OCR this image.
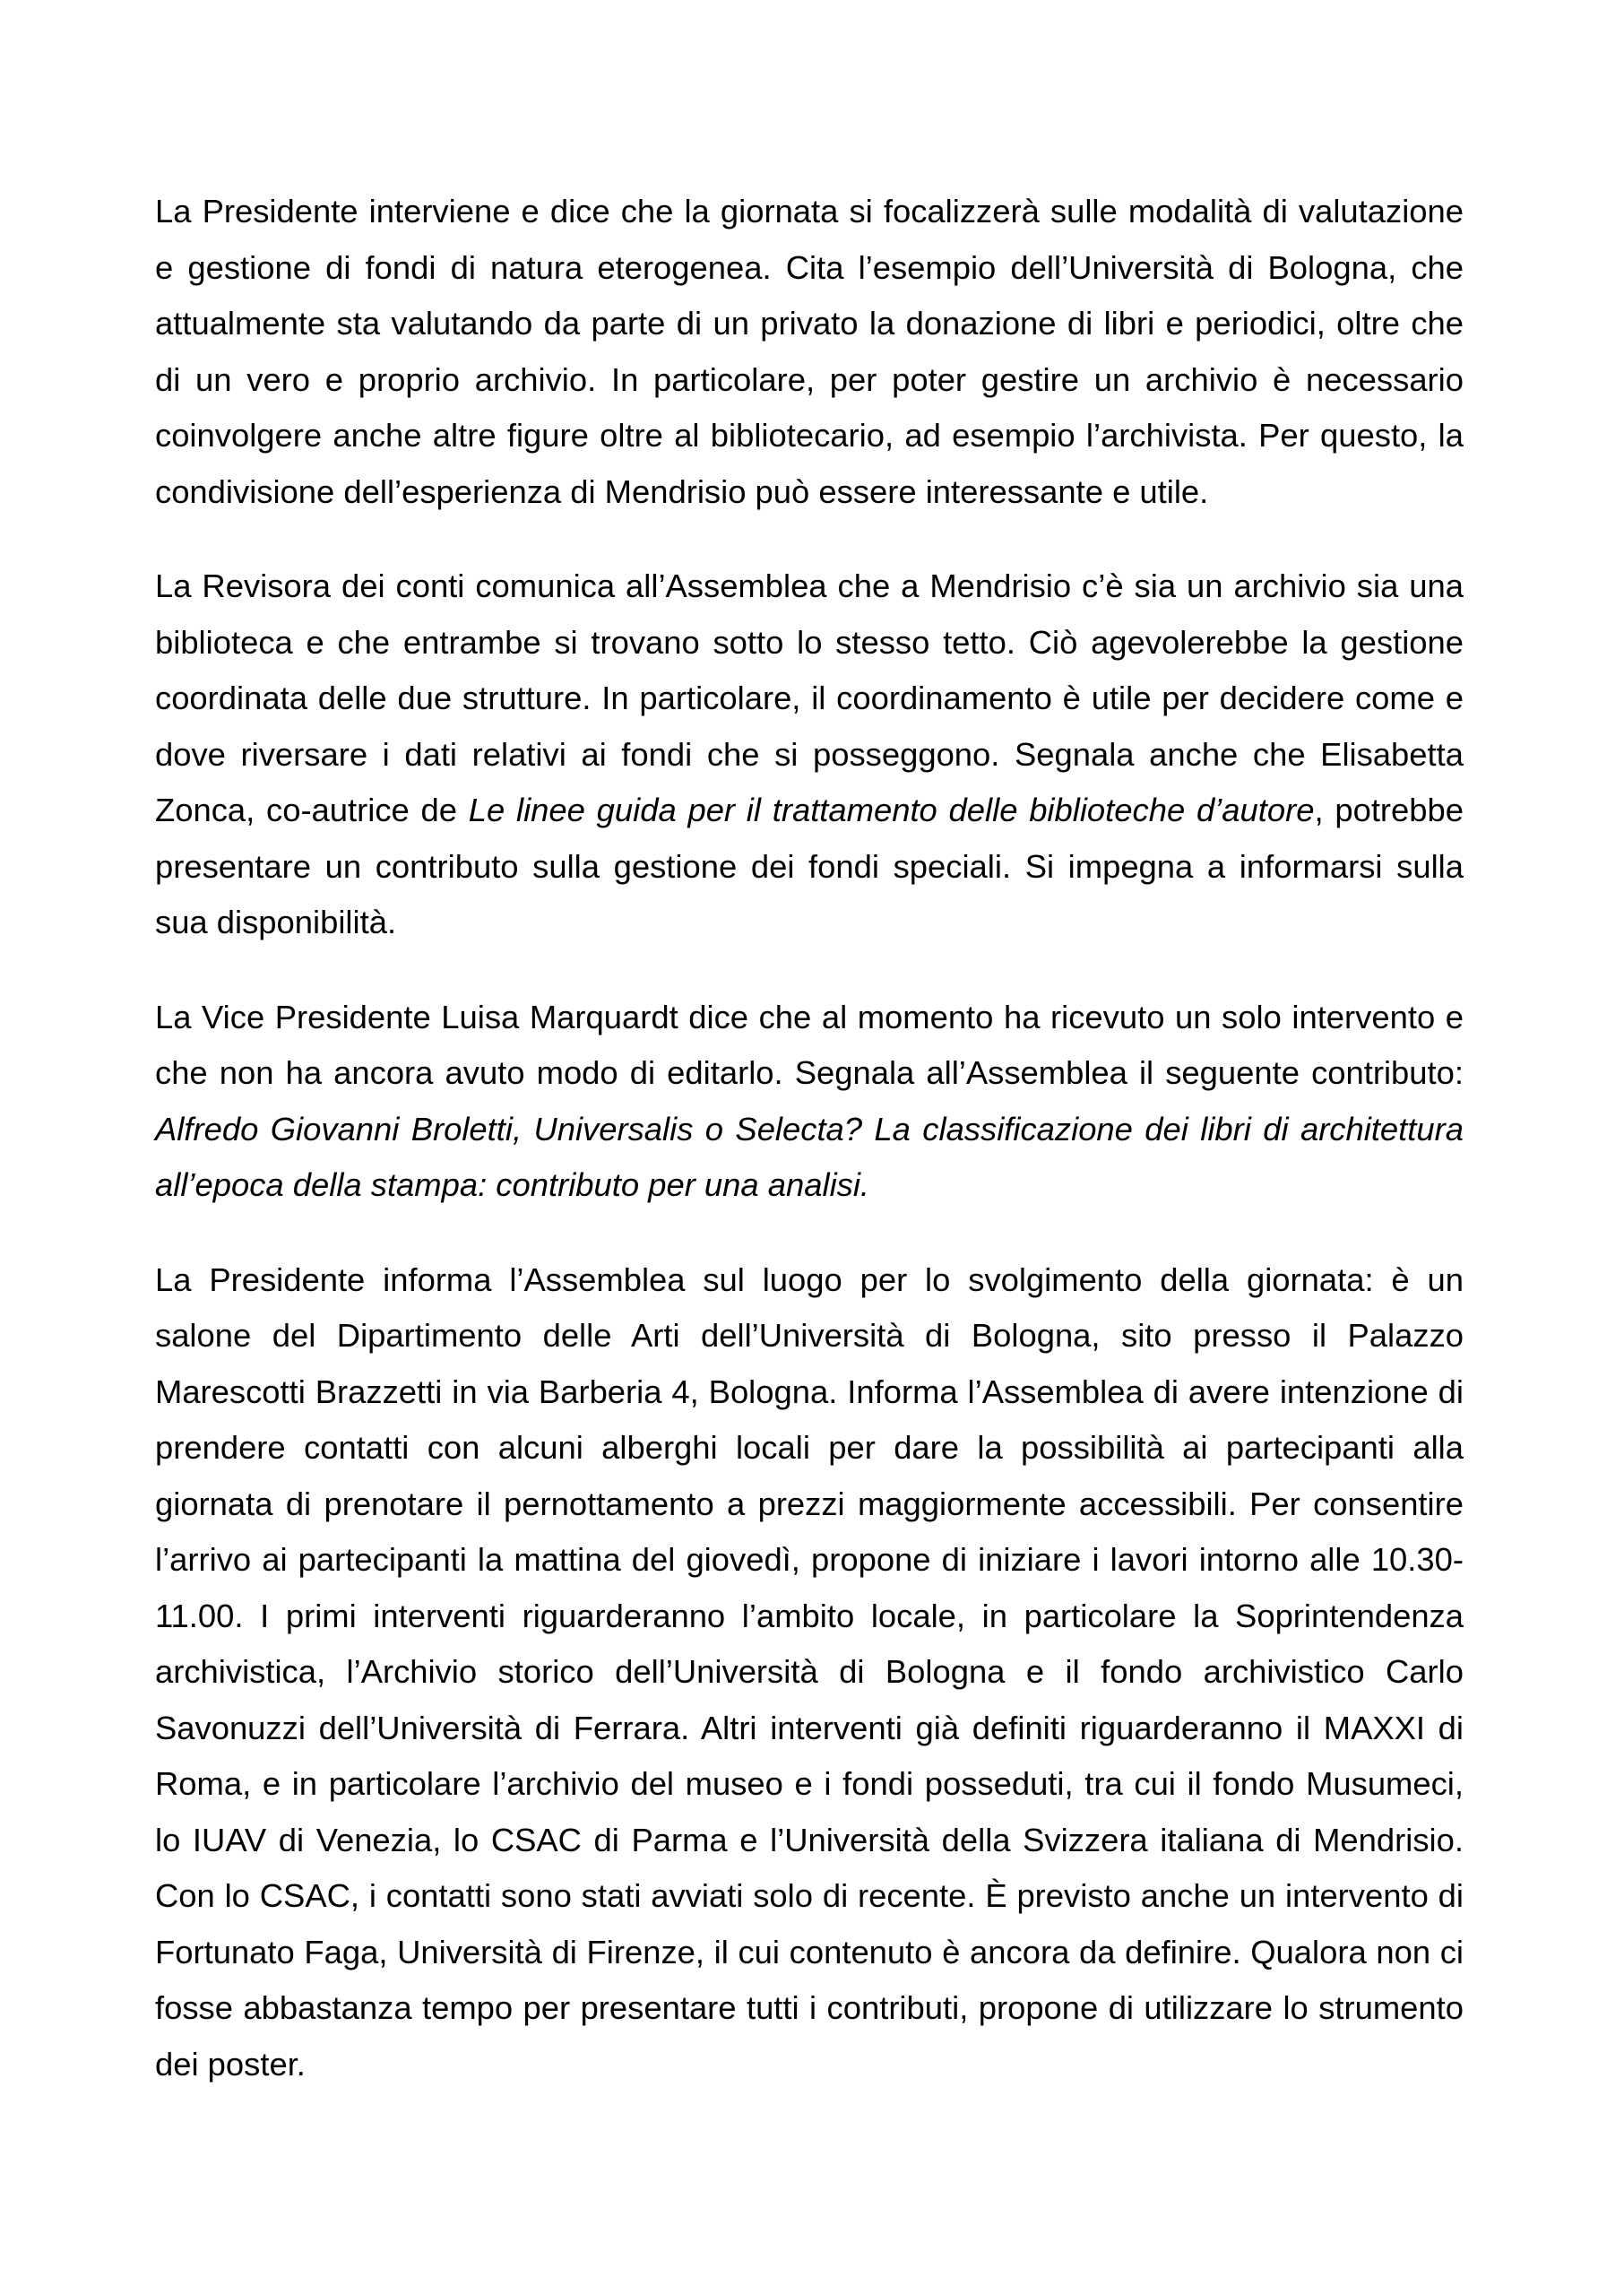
La Presidente interviene e dice che la giornata si focalizzerà sulle modalità di valutazione e gestione di fondi di natura eterogenea. Cita l’esempio dell’Università di Bologna, che attualmente sta valutando da parte di un privato la donazione di libri e periodici, oltre che di un vero e proprio archivio. In particolare, per poter gestire un archivio è necessario coinvolgere anche altre figure oltre al bibliotecario, ad esempio l’archivista. Per questo, la condivisione dell’esperienza di Mendrisio può essere interessante e utile.

La Revisora dei conti comunica all’Assemblea che a Mendrisio c’è sia un archivio sia una biblioteca e che entrambe si trovano sotto lo stesso tetto. Ciò agevolerebbe la gestione coordinata delle due strutture. In particolare, il coordinamento è utile per decidere come e dove riversare i dati relativi ai fondi che si posseggono. Segnala anche che Elisabetta Zonca, co-autrice de Le linee guida per il trattamento delle biblioteche d’autore, potrebbe presentare un contributo sulla gestione dei fondi speciali. Si impegna a informarsi sulla sua disponibilità.

La Vice Presidente Luisa Marquardt dice che al momento ha ricevuto un solo intervento e che non ha ancora avuto modo di editarlo. Segnala all’Assemblea il seguente contributo: Alfredo Giovanni Broletti, Universalis o Selecta? La classificazione dei libri di architettura all’epoca della stampa: contributo per una analisi.

La Presidente informa l’Assemblea sul luogo per lo svolgimento della giornata: è un salone del Dipartimento delle Arti dell’Università di Bologna, sito presso il Palazzo Marescotti Brazzetti in via Barberia 4, Bologna. Informa l’Assemblea di avere intenzione di prendere contatti con alcuni alberghi locali per dare la possibilità ai partecipanti alla giornata di prenotare il pernottamento a prezzi maggiormente accessibili. Per consentire l’arrivo ai partecipanti la mattina del giovedì, propone di iniziare i lavori intorno alle 10.30-11.00. I primi interventi riguarderanno l’ambito locale, in particolare la Soprintendenza archivistica, l’Archivio storico dell’Università di Bologna e il fondo archivistico Carlo Savonuzzi dell’Università di Ferrara. Altri interventi già definiti riguarderanno il MAXXI di Roma, e in particolare l’archivio del museo e i fondi posseduti, tra cui il fondo Musumeci, lo IUAV di Venezia, lo CSAC di Parma e l’Università della Svizzera italiana di Mendrisio. Con lo CSAC, i contatti sono stati avviati solo di recente. È previsto anche un intervento di Fortunato Faga, Università di Firenze, il cui contenuto è ancora da definire. Qualora non ci fosse abbastanza tempo per presentare tutti i contributi, propone di utilizzare lo strumento dei poster.
